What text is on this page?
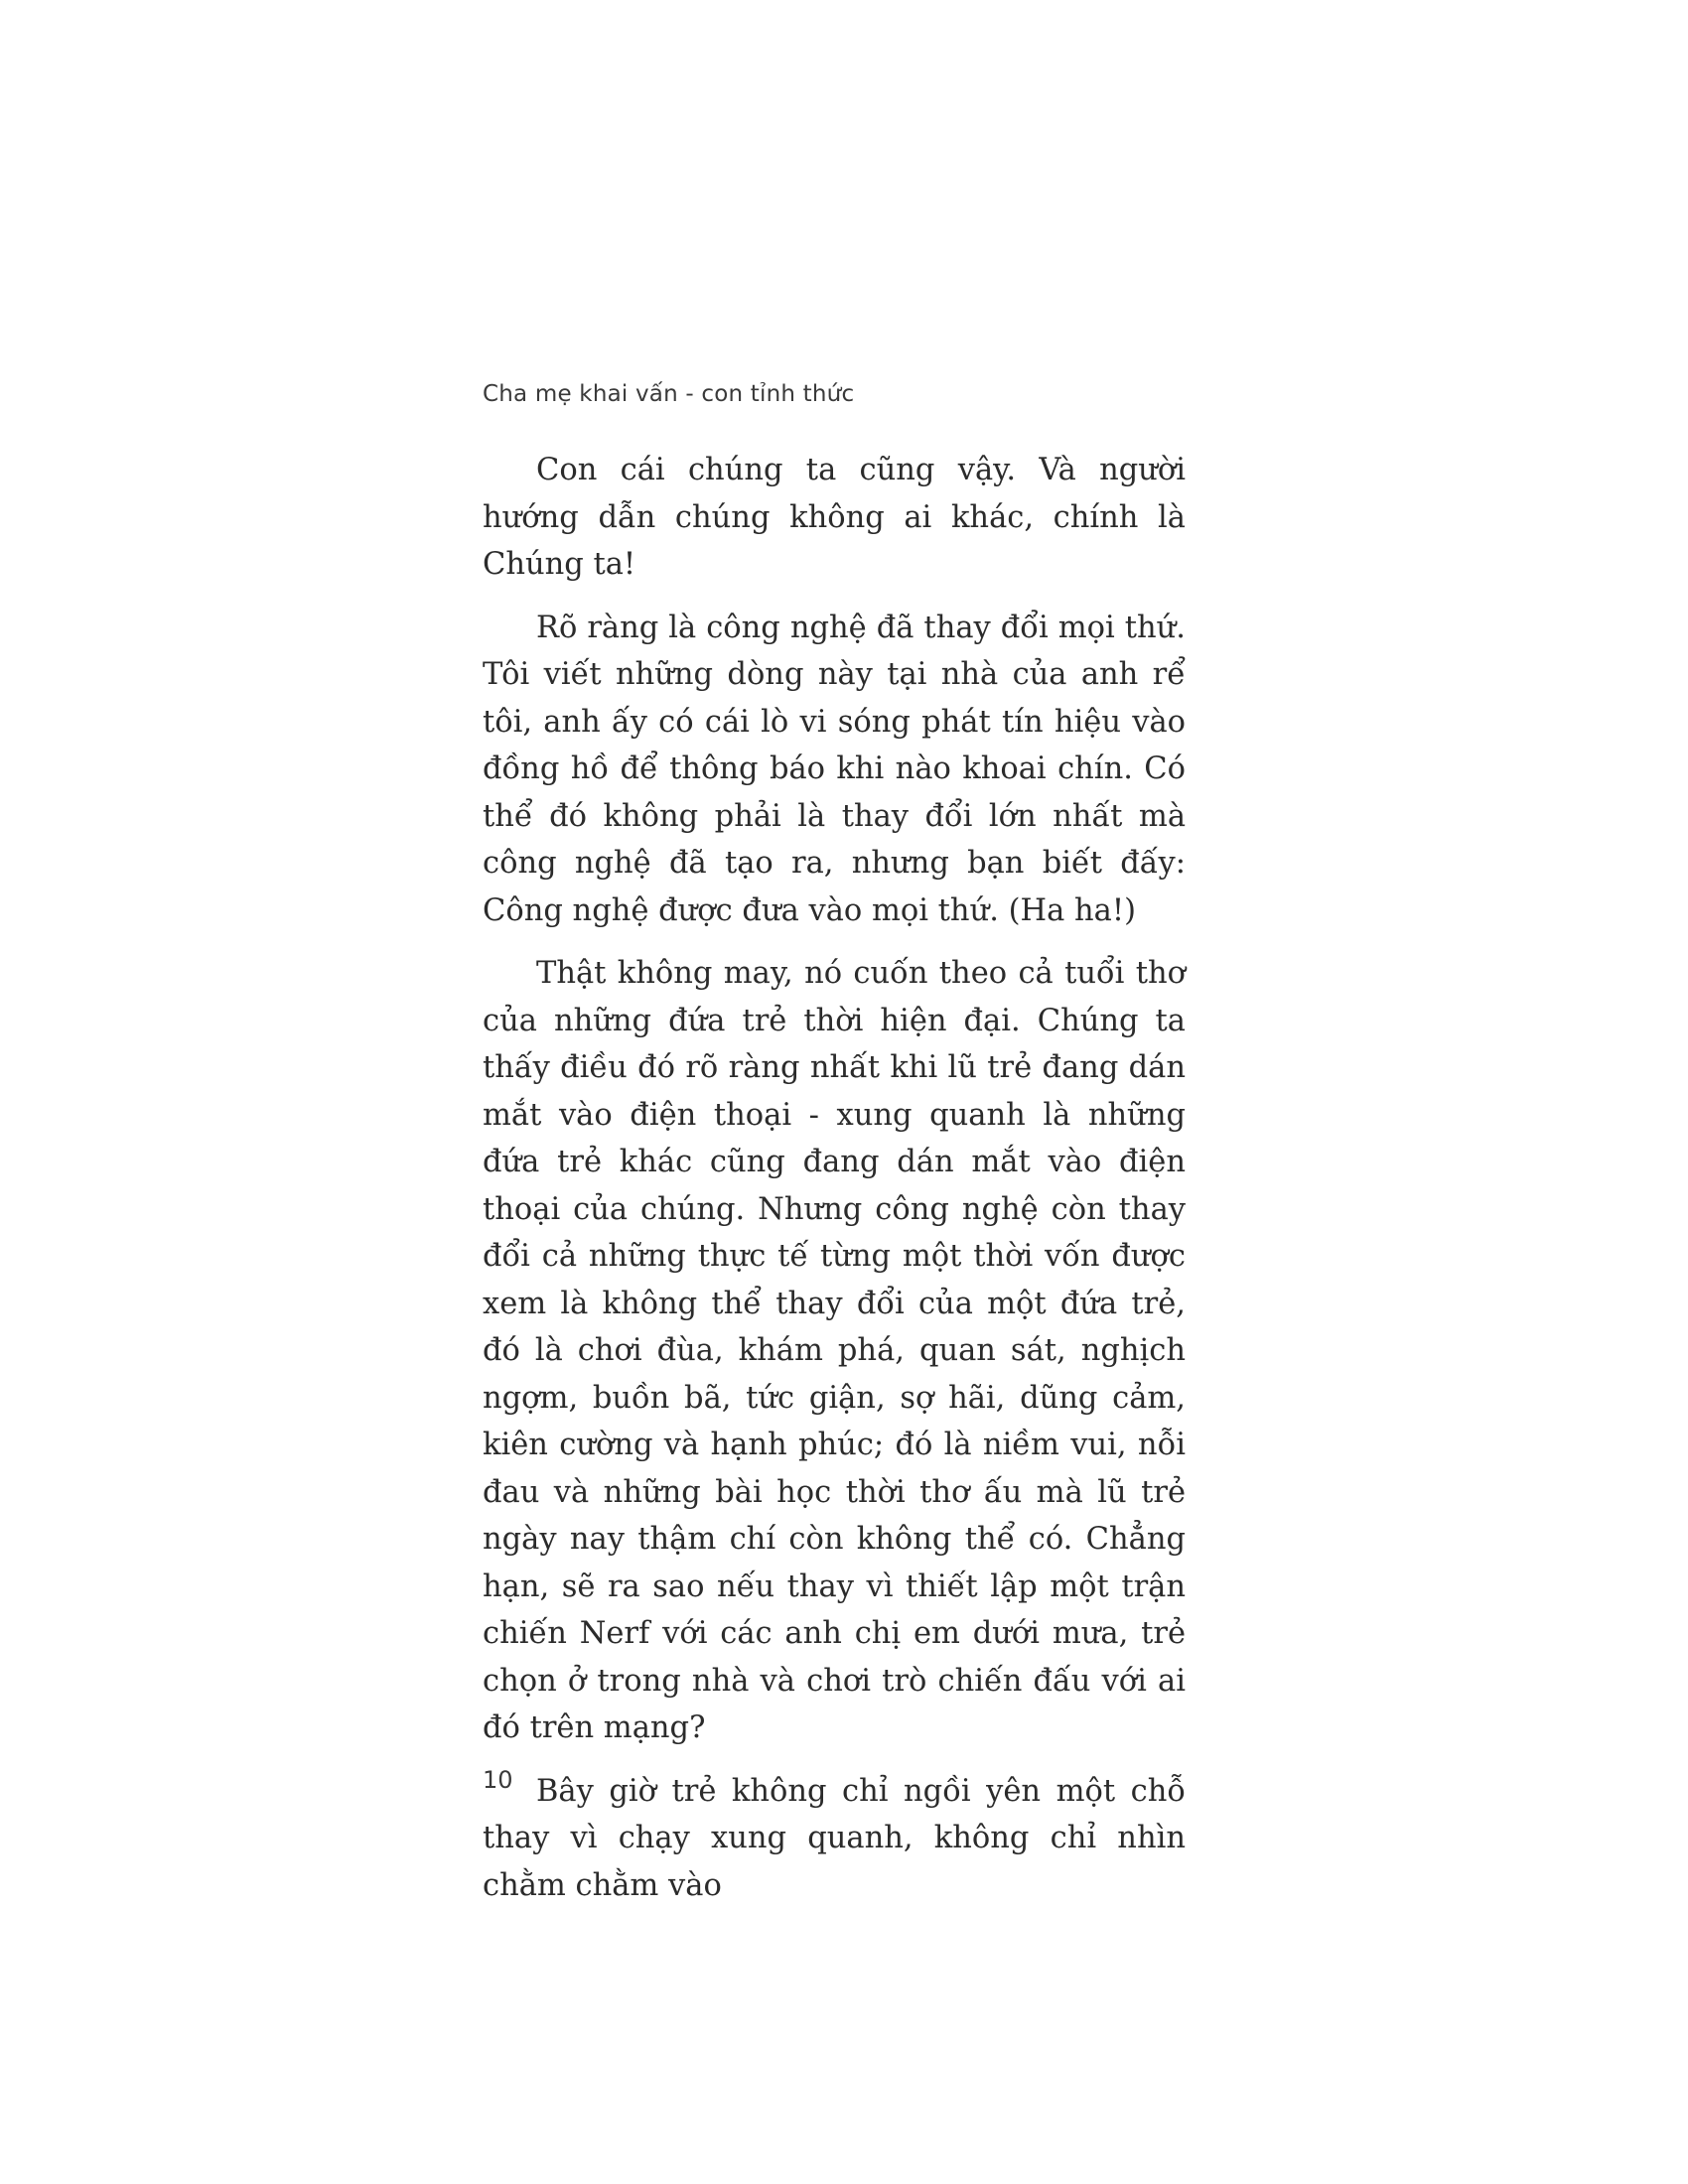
Cha mẹ khai vấn - con tỉnh thức

Con cái chúng ta cũng vậy. Và người hướng dẫn chúng không ai khác, chính là Chúng ta!

Rõ ràng là công nghệ đã thay đổi mọi thứ. Tôi viết những dòng này tại nhà của anh rể tôi, anh ấy có cái lò vi sóng phát tín hiệu vào đồng hồ để thông báo khi nào khoai chín. Có thể đó không phải là thay đổi lớn nhất mà công nghệ đã tạo ra, nhưng bạn biết đấy: Công nghệ được đưa vào mọi thứ. (Ha ha!)

Thật không may, nó cuốn theo cả tuổi thơ của những đứa trẻ thời hiện đại. Chúng ta thấy điều đó rõ ràng nhất khi lũ trẻ đang dán mắt vào điện thoại - xung quanh là những đứa trẻ khác cũng đang dán mắt vào điện thoại của chúng. Nhưng công nghệ còn thay đổi cả những thực tế từng một thời vốn được xem là không thể thay đổi của một đứa trẻ, đó là chơi đùa, khám phá, quan sát, nghịch ngợm, buồn bã, tức giận, sợ hãi, dũng cảm, kiên cường và hạnh phúc; đó là niềm vui, nỗi đau và những bài học thời thơ ấu mà lũ trẻ ngày nay thậm chí còn không thể có. Chẳng hạn, sẽ ra sao nếu thay vì thiết lập một trận chiến Nerf với các anh chị em dưới mưa, trẻ chọn ở trong nhà và chơi trò chiến đấu với ai đó trên mạng?

Bây giờ trẻ không chỉ ngồi yên một chỗ thay vì chạy xung quanh, không chỉ nhìn chằm chằm vào

10
